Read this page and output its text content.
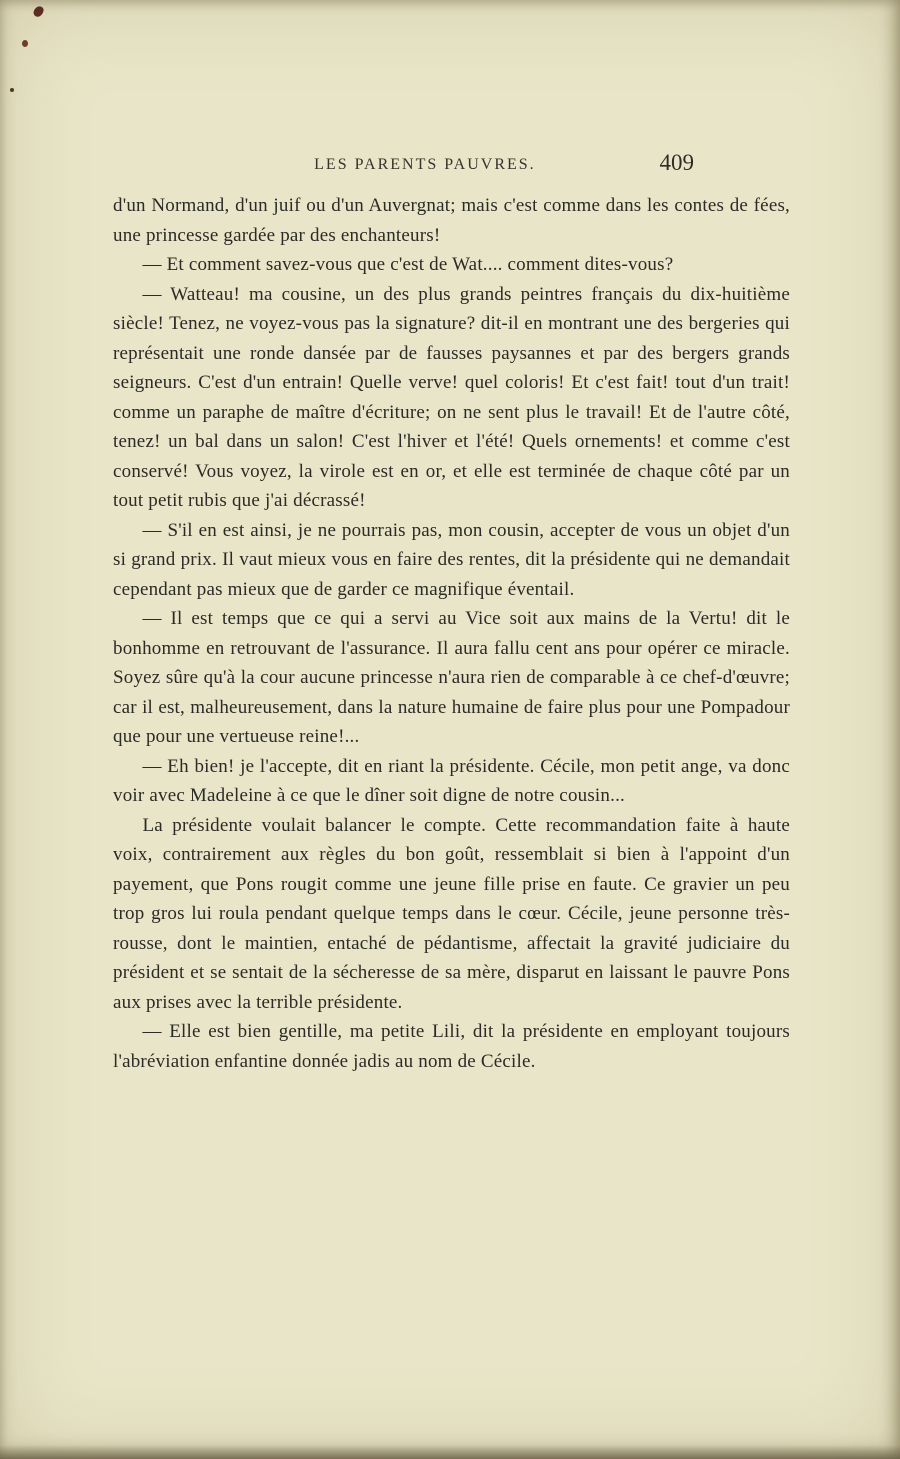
LES PARENTS PAUVRES.	409

d'un Normand, d'un juif ou d'un Auvergnat; mais c'est comme dans les contes de fées, une princesse gardée par des enchanteurs!

— Et comment savez-vous que c'est de Wat.... comment dites-vous?

— Watteau! ma cousine, un des plus grands peintres français du dix-huitième siècle! Tenez, ne voyez-vous pas la signature? dit-il en montrant une des bergeries qui représentait une ronde dansée par de fausses paysannes et par des bergers grands seigneurs. C'est d'un entrain! Quelle verve! quel coloris! Et c'est fait! tout d'un trait! comme un paraphe de maître d'écriture; on ne sent plus le travail! Et de l'autre côté, tenez! un bal dans un salon! C'est l'hiver et l'été! Quels ornements! et comme c'est conservé! Vous voyez, la virole est en or, et elle est terminée de chaque côté par un tout petit rubis que j'ai décrassé!

— S'il en est ainsi, je ne pourrais pas, mon cousin, accepter de vous un objet d'un si grand prix. Il vaut mieux vous en faire des rentes, dit la présidente qui ne demandait cependant pas mieux que de garder ce magnifique éventail.

— Il est temps que ce qui a servi au Vice soit aux mains de la Vertu! dit le bonhomme en retrouvant de l'assurance. Il aura fallu cent ans pour opérer ce miracle. Soyez sûre qu'à la cour aucune princesse n'aura rien de comparable à ce chef-d'œuvre; car il est, malheureusement, dans la nature humaine de faire plus pour une Pompadour que pour une vertueuse reine!...

— Eh bien! je l'accepte, dit en riant la présidente. Cécile, mon petit ange, va donc voir avec Madeleine à ce que le dîner soit digne de notre cousin...

La présidente voulait balancer le compte. Cette recommandation faite à haute voix, contrairement aux règles du bon goût, ressemblait si bien à l'appoint d'un payement, que Pons rougit comme une jeune fille prise en faute. Ce gravier un peu trop gros lui roula pendant quelque temps dans le cœur. Cécile, jeune personne très-rousse, dont le maintien, entaché de pédantisme, affectait la gravité judiciaire du président et se sentait de la sécheresse de sa mère, disparut en laissant le pauvre Pons aux prises avec la terrible présidente.

— Elle est bien gentille, ma petite Lili, dit la présidente en employant toujours l'abréviation enfantine donnée jadis au nom de Cécile.
